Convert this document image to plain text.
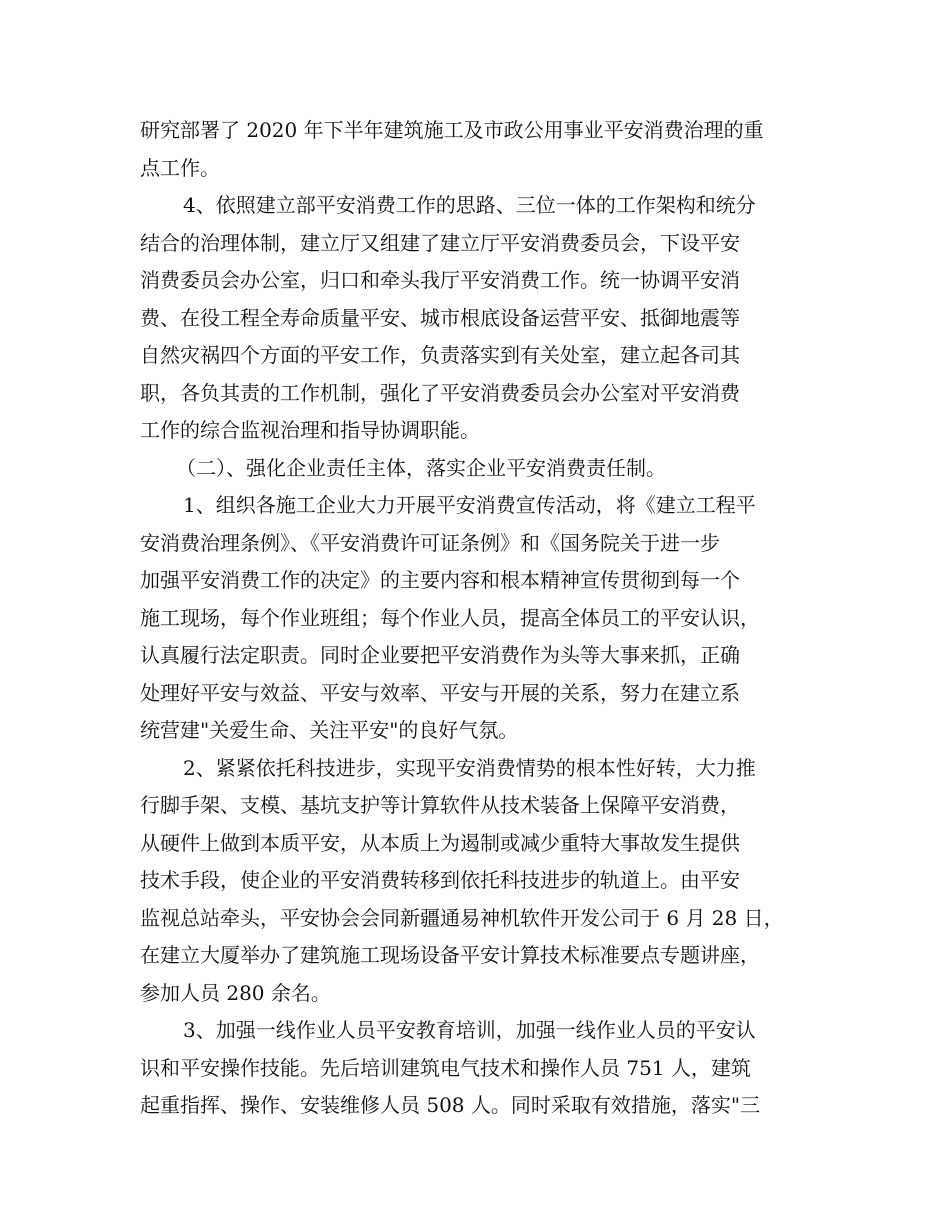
研究部署了 2020 年下半年建筑施工及市政公用事业平安消费治理的重
点工作。
4、依照建立部平安消费工作的思路、三位一体的工作架构和统分
结合的治理体制，建立厅又组建了建立厅平安消费委员会，下设平安
消费委员会办公室，归口和牵头我厅平安消费工作。统一协调平安消
费、在役工程全寿命质量平安、城市根底设备运营平安、抵御地震等
自然灾祸四个方面的平安工作，负责落实到有关处室，建立起各司其
职，各负其责的工作机制，强化了平安消费委员会办公室对平安消费
工作的综合监视治理和指导协调职能。
（二）、强化企业责任主体，落实企业平安消费责任制。
1、组织各施工企业大力开展平安消费宣传活动，将《建立工程平
安消费治理条例》、《平安消费许可证条例》和《国务院关于进一步
加强平安消费工作的决定》的主要内容和根本精神宣传贯彻到每一个
施工现场，每个作业班组；每个作业人员，提高全体员工的平安认识，
认真履行法定职责。同时企业要把平安消费作为头等大事来抓，正确
处理好平安与效益、平安与效率、平安与开展的关系，努力在建立系
统营建"关爱生命、关注平安"的良好气氛。
2、紧紧依托科技进步，实现平安消费情势的根本性好转，大力推
行脚手架、支模、基坑支护等计算软件从技术装备上保障平安消费，
从硬件上做到本质平安，从本质上为遏制或减少重特大事故发生提供
技术手段，使企业的平安消费转移到依托科技进步的轨道上。由平安
监视总站牵头，平安协会会同新疆通易神机软件开发公司于 6 月 28 日，
在建立大厦举办了建筑施工现场设备平安计算技术标准要点专题讲座，
参加人员 280 余名。
3、加强一线作业人员平安教育培训，加强一线作业人员的平安认
识和平安操作技能。先后培训建筑电气技术和操作人员 751 人，建筑
起重指挥、操作、安装维修人员 508 人。同时采取有效措施，落实"三
